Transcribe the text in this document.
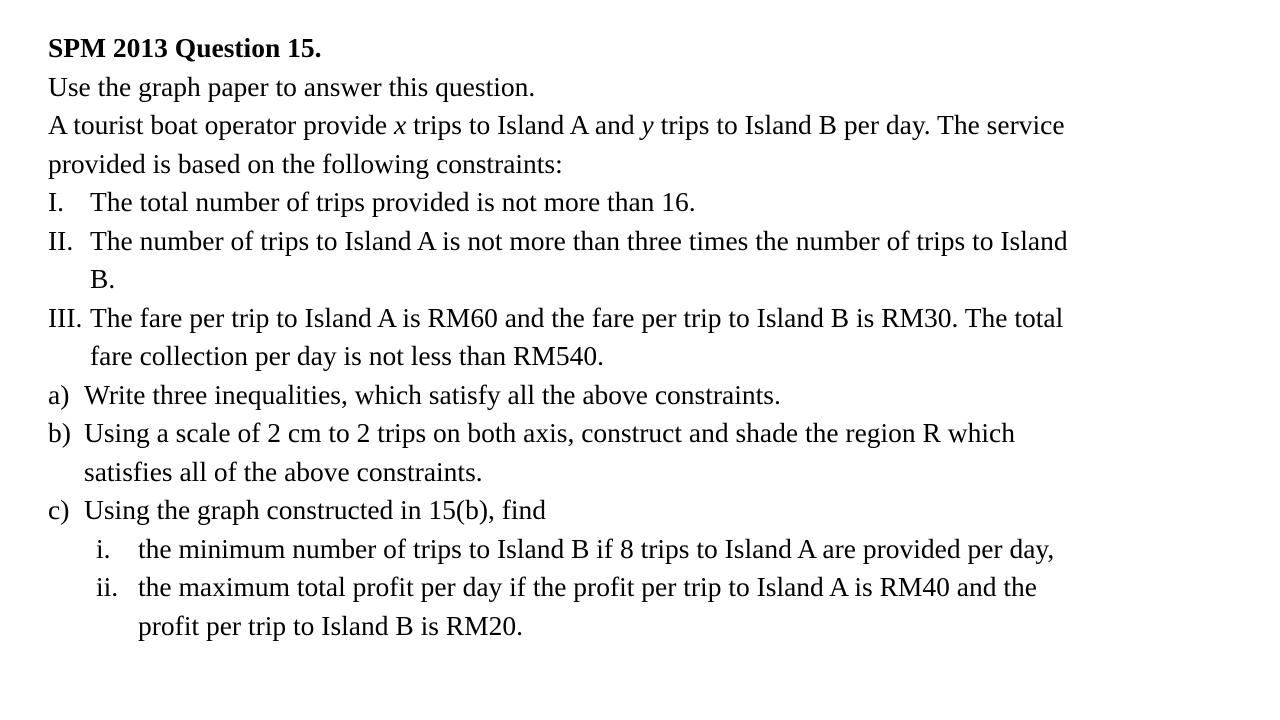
SPM 2013 Question 15.
Use the graph paper to answer this question.
A tourist boat operator provide x trips to Island A and y trips to Island B per day. The service
provided is based on the following constraints:
I. The total number of trips provided is not more than 16.
II. The number of trips to Island A is not more than three times the number of trips to Island
B.
III. The fare per trip to Island A is RM60 and the fare per trip to Island B is RM30. The total
fare collection per day is not less than RM540.
a) Write three inequalities, which satisfy all the above constraints.
b) Using a scale of 2 cm to 2 trips on both axis, construct and shade the region R which
satisfies all of the above constraints.
c) Using the graph constructed in 15(b), find
i. the minimum number of trips to Island B if 8 trips to Island A are provided per day,
ii. the maximum total profit per day if the profit per trip to Island A is RM40 and the
profit per trip to Island B is RM20.
